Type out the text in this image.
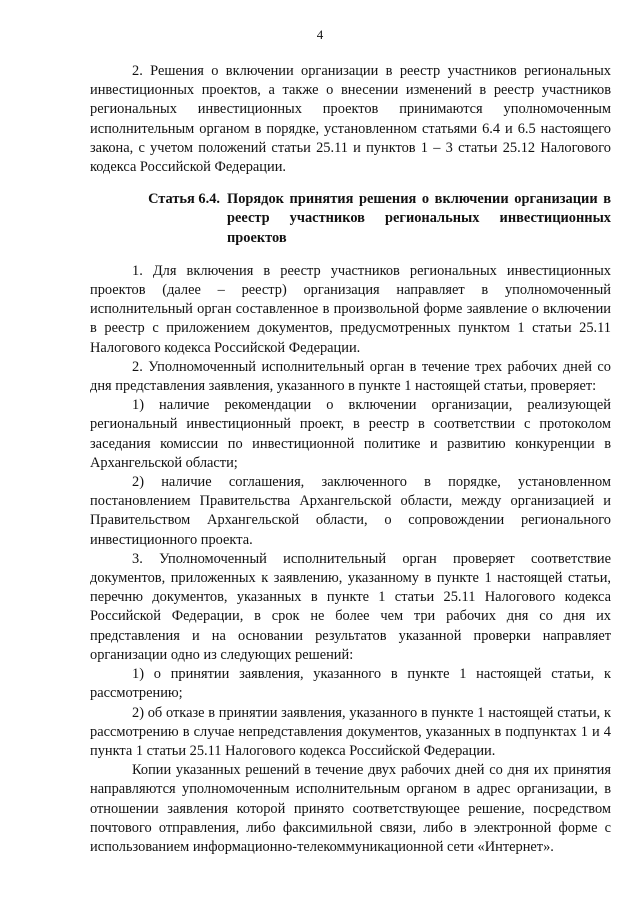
4

2. Решения о включении организации в реестр участников региональных инвестиционных проектов, а также о внесении изменений в реестр участников региональных инвестиционных проектов принимаются уполномоченным исполнительным органом в порядке, установленном статьями 6.4 и 6.5 настоящего закона, с учетом положений статьи 25.11 и пунктов 1 – 3 статьи 25.12 Налогового кодекса Российской Федерации.

Статья 6.4. Порядок принятия решения о включении организации в реестр участников региональных инвестиционных проектов

1. Для включения в реестр участников региональных инвестиционных проектов (далее – реестр) организация направляет в уполномоченный исполнительный орган составленное в произвольной форме заявление о включении в реестр с приложением документов, предусмотренных пунктом 1 статьи 25.11 Налогового кодекса Российской Федерации.

2. Уполномоченный исполнительный орган в течение трех рабочих дней со дня представления заявления, указанного в пункте 1 настоящей статьи, проверяет:

1) наличие рекомендации о включении организации, реализующей региональный инвестиционный проект, в реестр в соответствии с протоколом заседания комиссии по инвестиционной политике и развитию конкуренции в Архангельской области;

2) наличие соглашения, заключенного в порядке, установленном постановлением Правительства Архангельской области, между организацией и Правительством Архангельской области, о сопровождении регионального инвестиционного проекта.

3. Уполномоченный исполнительный орган проверяет соответствие документов, приложенных к заявлению, указанному в пункте 1 настоящей статьи, перечню документов, указанных в пункте 1 статьи 25.11 Налогового кодекса Российской Федерации, в срок не более чем три рабочих дня со дня их представления и на основании результатов указанной проверки направляет организации одно из следующих решений:

1) о принятии заявления, указанного в пункте 1 настоящей статьи, к рассмотрению;

2) об отказе в принятии заявления, указанного в пункте 1 настоящей статьи, к рассмотрению в случае непредставления документов, указанных в подпунктах 1 и 4 пункта 1 статьи 25.11 Налогового кодекса Российской Федерации.

Копии указанных решений в течение двух рабочих дней со дня их принятия направляются уполномоченным исполнительным органом в адрес организации, в отношении заявления которой принято соответствующее решение, посредством почтового отправления, либо факсимильной связи, либо в электронной форме с использованием информационно-телекоммуникационной сети «Интернет».
